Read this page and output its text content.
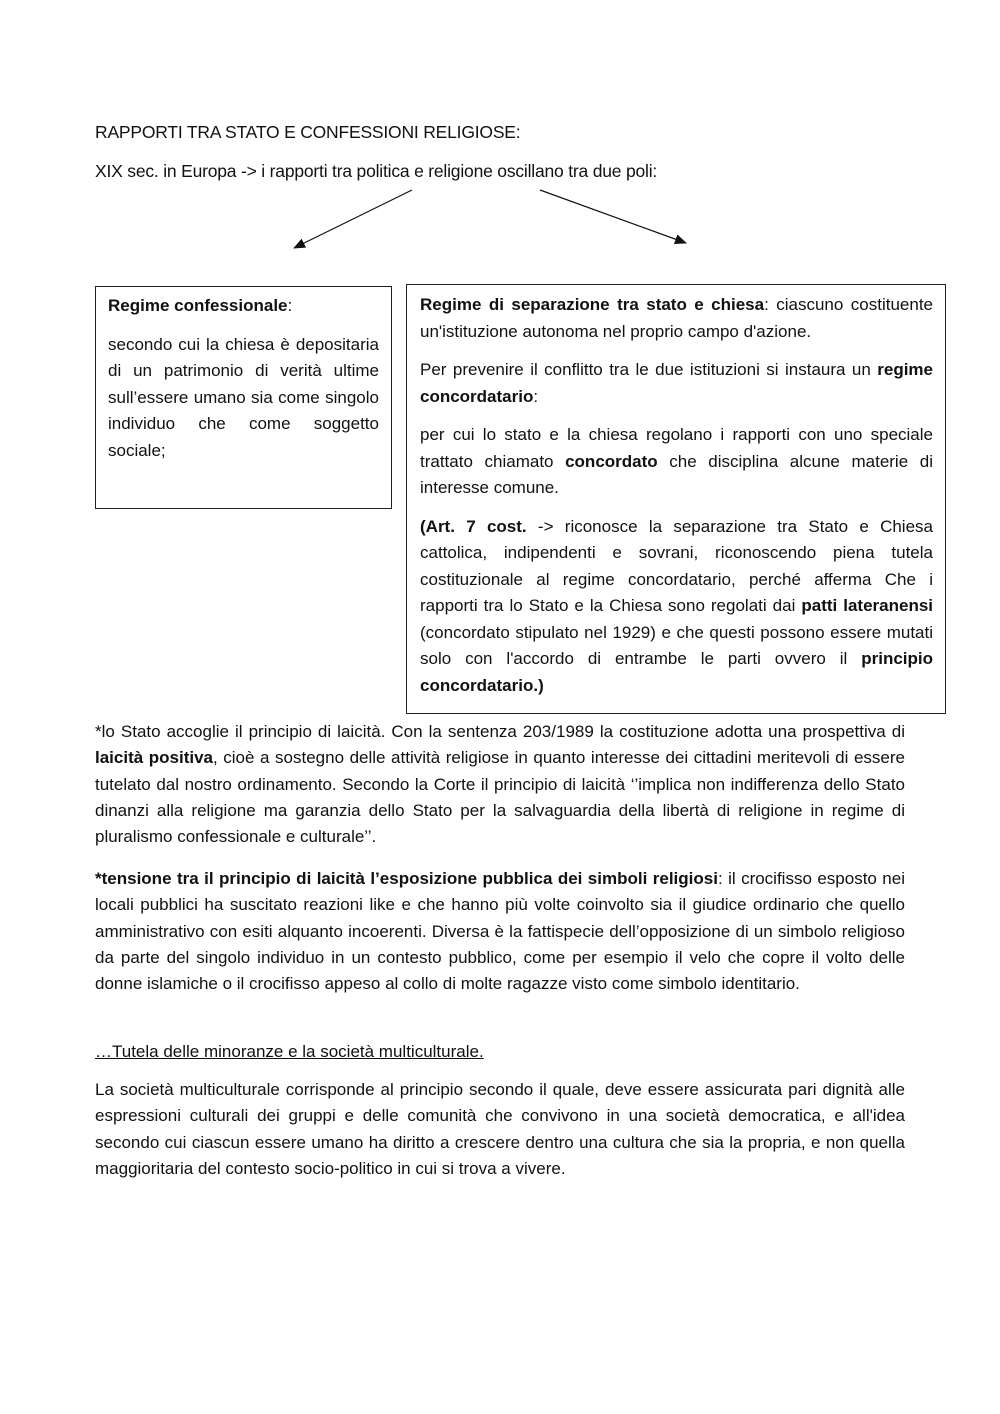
RAPPORTI TRA STATO E CONFESSIONI RELIGIOSE:
XIX sec. in Europa -> i rapporti tra politica e religione oscillano tra due poli:

Regime confessionale:

secondo cui la chiesa è depositaria di un patrimonio di verità ultime sull’essere umano sia come singolo individuo che come soggetto sociale;

Regime di separazione tra stato e chiesa: ciascuno costituente un'istituzione autonoma nel proprio campo d'azione.

Per prevenire il conflitto tra le due istituzioni si instaura un regime concordatario:

per cui lo stato e la chiesa regolano i rapporti con uno speciale trattato chiamato concordato che disciplina alcune materie di interesse comune.

(Art. 7 cost. -> riconosce la separazione tra Stato e Chiesa cattolica, indipendenti e sovrani, riconoscendo piena tutela costituzionale al regime concordatario, perché afferma Che i rapporti tra lo Stato e la Chiesa sono regolati dai patti lateranensi (concordato stipulato nel 1929) e che questi possono essere mutati solo con l'accordo di entrambe le parti ovvero il principio concordatario.)

*lo Stato accoglie il principio di laicità. Con la sentenza 203/1989 la costituzione adotta una prospettiva di laicità positiva, cioè a sostegno delle attività religiose in quanto interesse dei cittadini meritevoli di essere tutelato dal nostro ordinamento. Secondo la Corte il principio di laicità ‘’implica non indifferenza dello Stato dinanzi alla religione ma garanzia dello Stato per la salvaguardia della libertà di religione in regime di pluralismo confessionale e culturale’’.

*tensione tra il principio di laicità l’esposizione pubblica dei simboli religiosi: il crocifisso esposto nei locali pubblici ha suscitato reazioni like e che hanno più volte coinvolto sia il giudice ordinario che quello amministrativo con esiti alquanto incoerenti. Diversa è la fattispecie dell’opposizione di un simbolo religioso da parte del singolo individuo in un contesto pubblico, come per esempio il velo che copre il volto delle donne islamiche o il crocifisso appeso al collo di molte ragazze visto come simbolo identitario.

…Tutela delle minoranze e la società multiculturale.

La società multiculturale corrisponde al principio secondo il quale, deve essere assicurata pari dignità alle espressioni culturali dei gruppi e delle comunità che convivono in una società democratica, e all'idea secondo cui ciascun essere umano ha diritto a crescere dentro una cultura che sia la propria, e non quella maggioritaria del contesto socio-politico in cui si trova a vivere.
